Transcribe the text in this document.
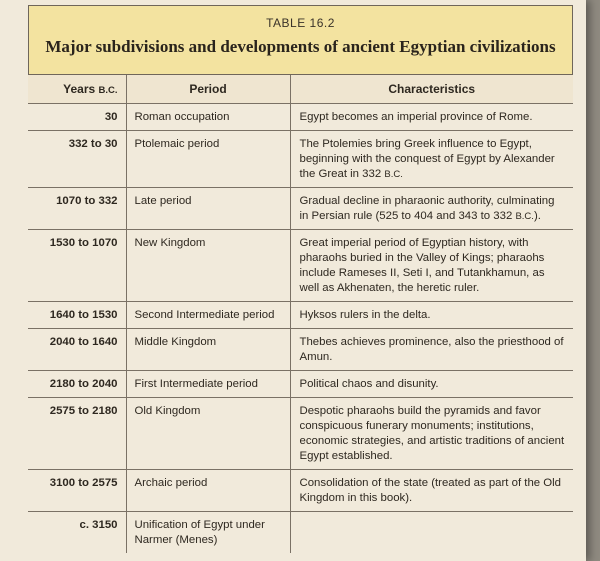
TABLE 16.2
Major subdivisions and developments of ancient Egyptian civilizations
Years B.C.	Period	Characteristics
30	Roman occupation	Egypt becomes an imperial province of Rome.
332 to 30	Ptolemaic period	The Ptolemies bring Greek influence to Egypt, beginning with the conquest of Egypt by Alexander the Great in 332 B.C.
1070 to 332	Late period	Gradual decline in pharaonic authority, culminating in Persian rule (525 to 404 and 343 to 332 B.C.).
1530 to 1070	New Kingdom	Great imperial period of Egyptian history, with pharaohs buried in the Valley of Kings; pharaohs include Rameses II, Seti I, and Tutankhamun, as well as Akhenaten, the heretic ruler.
1640 to 1530	Second Intermediate period	Hyksos rulers in the delta.
2040 to 1640	Middle Kingdom	Thebes achieves prominence, also the priesthood of Amun.
2180 to 2040	First Intermediate period	Political chaos and disunity.
2575 to 2180	Old Kingdom	Despotic pharaohs build the pyramids and favor conspicuous funerary monuments; institutions, economic strategies, and artistic traditions of ancient Egypt established.
3100 to 2575	Archaic period	Consolidation of the state (treated as part of the Old Kingdom in this book).
c. 3150	Unification of Egypt under Narmer (Menes)	
